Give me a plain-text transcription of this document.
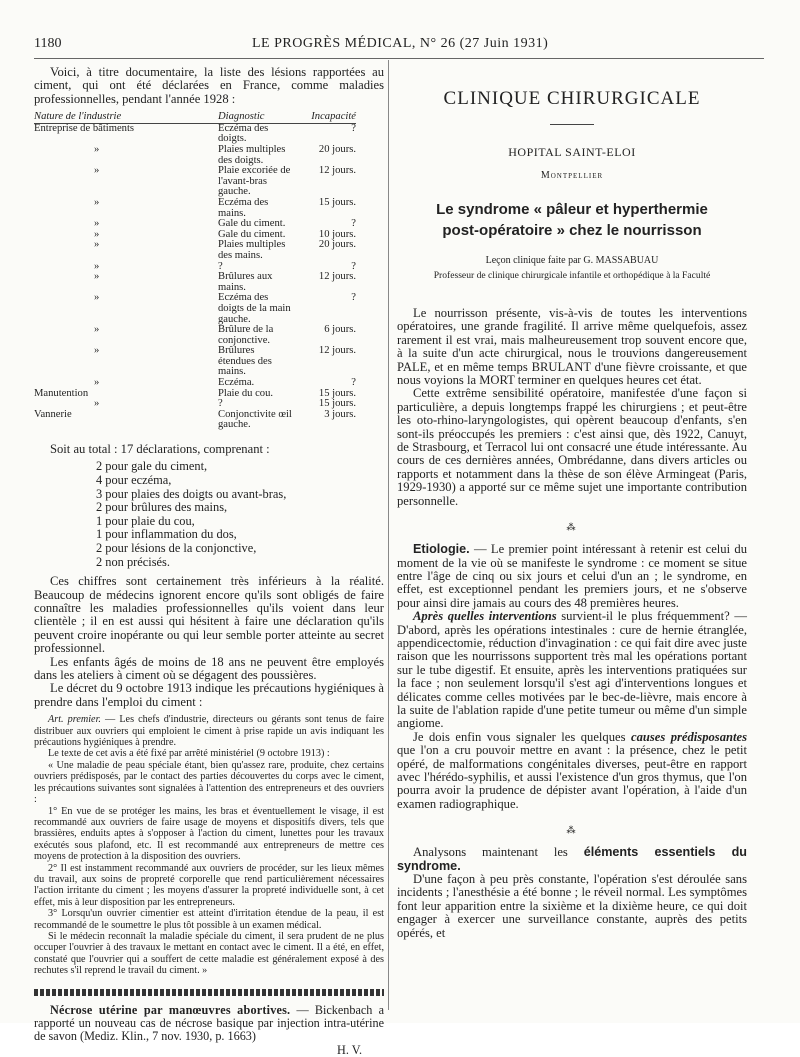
1180	LE PROGRÈS MÉDICAL, N° 26 (27 Juin 1931)

Voici, à titre documentaire, la liste des lésions rapportées au ciment, qui ont été déclarées en France, comme maladies professionnelles, pendant l'année 1928 :

Nature de l'industrie	Diagnostic	Incapacité
Entreprise de bâtiments	Eczéma des doigts.	?
»	Plaies multiples des doigts.	20 jours.
»	Plaie excoriée de l'avant-bras gauche.	12 jours.
»	Eczéma des mains.	15 jours.
»	Gale du ciment.	?
»	Gale du ciment.	10 jours.
»	Plaies multiples des mains.	20 jours.
»	?	?
»	Brûlures aux mains.	12 jours.
»	Eczéma des doigts de la main gauche.	?
»	Brûlure de la conjonctive.	6 jours.
»	Brûlures étendues des mains.	12 jours.
»	Eczéma.	?
Manutention	Plaie du cou.	15 jours.
»	?	15 jours.
Vannerie	Conjonctivite œil gauche.	3 jours.

Soit au total : 17 déclarations, comprenant :

2 pour gale du ciment,
4 pour eczéma,
3 pour plaies des doigts ou avant-bras,
2 pour brûlures des mains,
1 pour plaie du cou,
1 pour inflammation du dos,
2 pour lésions de la conjonctive,
2 non précisés.

Ces chiffres sont certainement très inférieurs à la réalité. Beaucoup de médecins ignorent encore qu'ils sont obligés de faire connaître les maladies professionnelles qu'ils voient dans leur clientèle ; il en est aussi qui hésitent à faire une déclaration qu'ils peuvent croire inopérante ou qui leur semble porter atteinte au secret professionnel.

Les enfants âgés de moins de 18 ans ne peuvent être employés dans les ateliers à ciment où se dégagent des poussières.

Le décret du 9 octobre 1913 indique les précautions hygiéniques à prendre dans l'emploi du ciment :

Art. premier. — Les chefs d'industrie, directeurs ou gérants sont tenus de faire distribuer aux ouvriers qui emploient le ciment à prise rapide un avis indiquant les précautions hygiéniques à prendre.

Le texte de cet avis a été fixé par arrêté ministériel (9 octobre 1913) :

« Une maladie de peau spéciale étant, bien qu'assez rare, produite, chez certains ouvriers prédisposés, par le contact des parties découvertes du corps avec le ciment, les précautions suivantes sont signalées à l'attention des entrepreneurs et des ouvriers :

1° En vue de se protéger les mains, les bras et éventuellement le visage, il est recommandé aux ouvriers de faire usage de moyens et dispositifs divers, tels que brassières, enduits aptes à s'opposer à l'action du ciment, lunettes pour les travaux exécutés sous plafond, etc. Il est recommandé aux entrepreneurs de mettre ces moyens de protection à la disposition des ouvriers.

2° Il est instamment recommandé aux ouvriers de procéder, sur les lieux mêmes du travail, aux soins de propreté corporelle que rend particulièrement nécessaires l'action irritante du ciment ; les moyens d'assurer la propreté individuelle sont, à cet effet, mis à leur disposition par les entrepreneurs.

3° Lorsqu'un ouvrier cimentier est atteint d'irritation étendue de la peau, il est recommandé de le soumettre le plus tôt possible à un examen médical.

Si le médecin reconnaît la maladie spéciale du ciment, il sera prudent de ne plus occuper l'ouvrier à des travaux le mettant en contact avec le ciment. Il a été, en effet, constaté que l'ouvrier qui a souffert de cette maladie est généralement exposé à des rechutes s'il reprend le travail du ciment. »

Nécrose utérine par manœuvres abortives. — Bickenbach a rapporté un nouveau cas de nécrose basique par injection intra-utérine de savon (Mediz. Klin., 7 nov. 1930, p. 1663)

H. V.

CLINIQUE CHIRURGICALE
HOPITAL SAINT-ELOI
Montpellier
Le syndrome « pâleur et hyperthermie
post-opératoire » chez le nourrisson
Leçon clinique faite par G. MASSABUAU
Professeur de clinique chirurgicale infantile et orthopédique à la Faculté

Le nourrisson présente, vis-à-vis de toutes les interventions opératoires, une grande fragilité. Il arrive même quelquefois, assez rarement il est vrai, mais malheureusement trop souvent encore que, à la suite d'un acte chirurgical, nous le trouvions dangereusement PALE, et en même temps BRULANT d'une fièvre croissante, et que nous voyions la MORT terminer en quelques heures cet état.

Cette extrême sensibilité opératoire, manifestée d'une façon si particulière, a depuis longtemps frappé les chirurgiens ; et peut-être les oto-rhino-laryngologistes, qui opèrent beaucoup d'enfants, s'en sont-ils préoccupés les premiers : c'est ainsi que, dès 1922, Canuyt, de Strasbourg, et Terracol lui ont consacré une étude intéressante. Au cours de ces dernières années, Ombrédanne, dans divers articles ou rapports et notamment dans la thèse de son élève Armingeat (Paris, 1929-1930) a apporté sur ce même sujet une importante contribution personnelle.

⁂

Etiologie. — Le premier point intéressant à retenir est celui du moment de la vie où se manifeste le syndrome : ce moment se situe entre l'âge de cinq ou six jours et celui d'un an ; le syndrome, en effet, est exceptionnel pendant les premiers jours, et ne s'observe pour ainsi dire jamais au cours des 48 premières heures.

Après quelles interventions survient-il le plus fréquemment? — D'abord, après les opérations intestinales : cure de hernie étranglée, appendicectomie, réduction d'invagination : ce qui fait dire avec juste raison que les nourrissons supportent très mal les opérations portant sur le tube digestif. Et ensuite, après les interventions pratiquées sur la face ; non seulement lorsqu'il s'est agi d'interventions longues et délicates comme celles motivées par le bec-de-lièvre, mais encore à la suite de l'ablation rapide d'une petite tumeur ou même d'un simple angiome.

Je dois enfin vous signaler les quelques causes prédisposantes que l'on a cru pouvoir mettre en avant : la présence, chez le petit opéré, de malformations congénitales diverses, peut-être en rapport avec l'hérédo-syphilis, et aussi l'existence d'un gros thymus, que l'on pourra avoir la prudence de dépister avant l'opération, à l'aide d'un examen radiographique.

⁂

Analysons maintenant les éléments essentiels du syndrome.

D'une façon à peu près constante, l'opération s'est déroulée sans incidents ; l'anesthésie a été bonne ; le réveil normal. Les symptômes font leur apparition entre la sixième et la dixième heure, ce qui doit engager à exercer une surveillance constante, auprès des petits opérés, et
